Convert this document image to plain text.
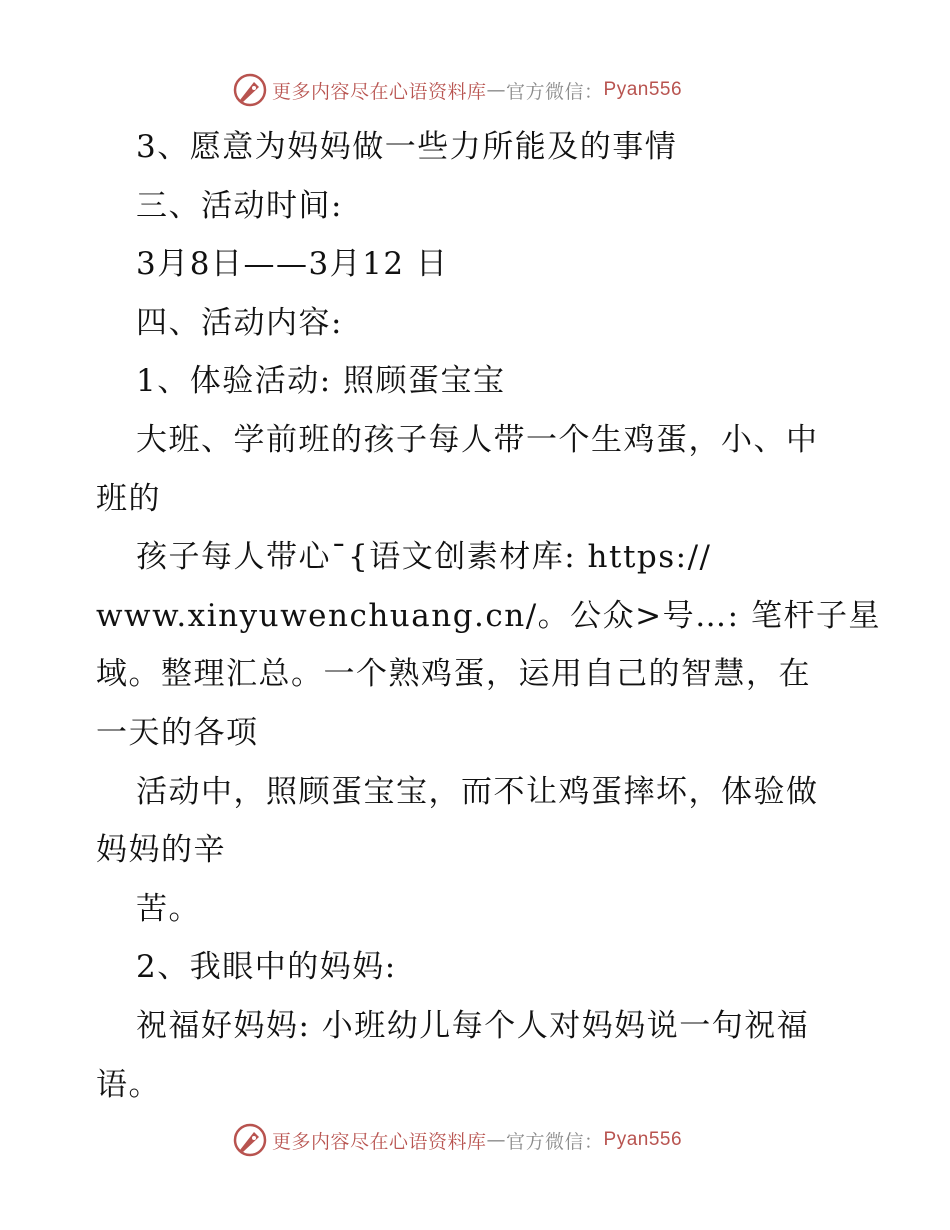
更多内容尽在心语资料库 — 官方微信： Pyan556
3、愿意为妈妈做一些力所能及的事情
三、活动时间:
3月8日——3月12 日
四、活动内容:
1、体验活动: 照顾蛋宝宝
大班、学前班的孩子每人带一个生鸡蛋，小、中
班的
孩子每人带心¯{语文创素材库: https://
www.xinyuwenchuang.cn/。公众>号…: 笔杆子星
域。整理汇总。一个熟鸡蛋，运用自己的智慧，在
一天的各项
活动中，照顾蛋宝宝，而不让鸡蛋摔坏，体验做
妈妈的辛
苦。
2、我眼中的妈妈:
祝福好妈妈: 小班幼儿每个人对妈妈说一句祝福
语。
更多内容尽在心语资料库 — 官方微信： Pyan556
